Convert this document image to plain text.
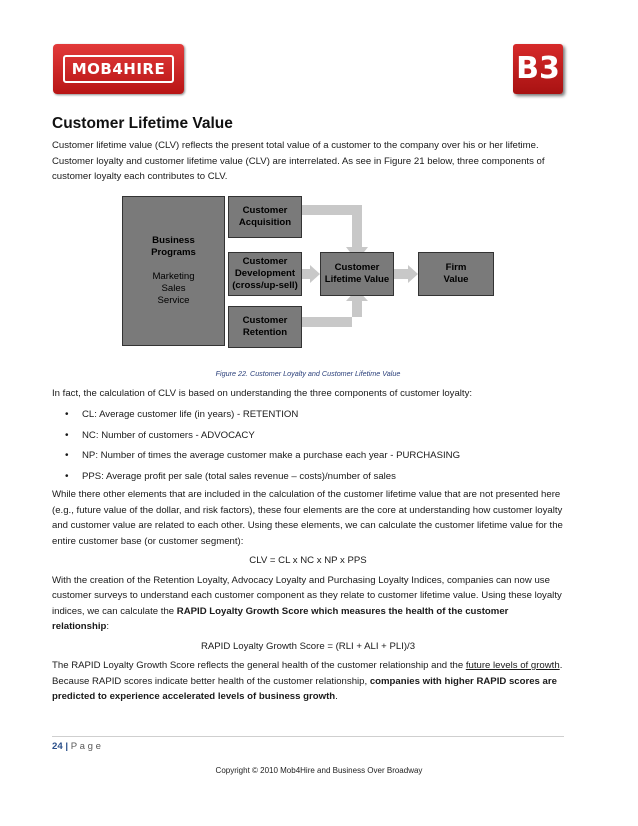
MOB4HIRE	B3
Customer Lifetime Value

Customer lifetime value (CLV) reflects the present total value of a customer to the company over his or her lifetime. Customer loyalty and customer lifetime value (CLV) are interrelated. As see in Figure 21 below, three components of customer loyalty each contributes to CLV.

Business Programs
Marketing
Sales
Service
Customer Acquisition
Customer Development (cross/up-sell)
Customer Retention
Customer Lifetime Value
Firm Value
Figure 22. Customer Loyalty and Customer Lifetime Value

In fact, the calculation of CLV is based on understanding the three components of customer loyalty:

• CL: Average customer life (in years) - RETENTION
• NC: Number of customers - ADVOCACY
• NP: Number of times the average customer make a purchase each year - PURCHASING
• PPS: Average profit per sale (total sales revenue – costs)/number of sales

While there other elements that are included in the calculation of the customer lifetime value that are not presented here (e.g., future value of the dollar, and risk factors), these four elements are the core at understanding how customer loyalty and customer value are related to each other. Using these elements, we can calculate the customer lifetime value for the entire customer base (or customer segment):

CLV = CL x NC x NP x PPS

With the creation of the Retention Loyalty, Advocacy Loyalty and Purchasing Loyalty Indices, companies can now use customer surveys to understand each customer component as they relate to customer lifetime value. Using these loyalty indices, we can calculate the RAPID Loyalty Growth Score which measures the health of the customer relationship:

RAPID Loyalty Growth Score = (RLI + ALI + PLI)/3

The RAPID Loyalty Growth Score reflects the general health of the customer relationship and the future levels of growth. Because RAPID scores indicate better health of the customer relationship, companies with higher RAPID scores are predicted to experience accelerated levels of business growth.

24 | P a g e
Copyright © 2010 Mob4Hire and Business Over Broadway
